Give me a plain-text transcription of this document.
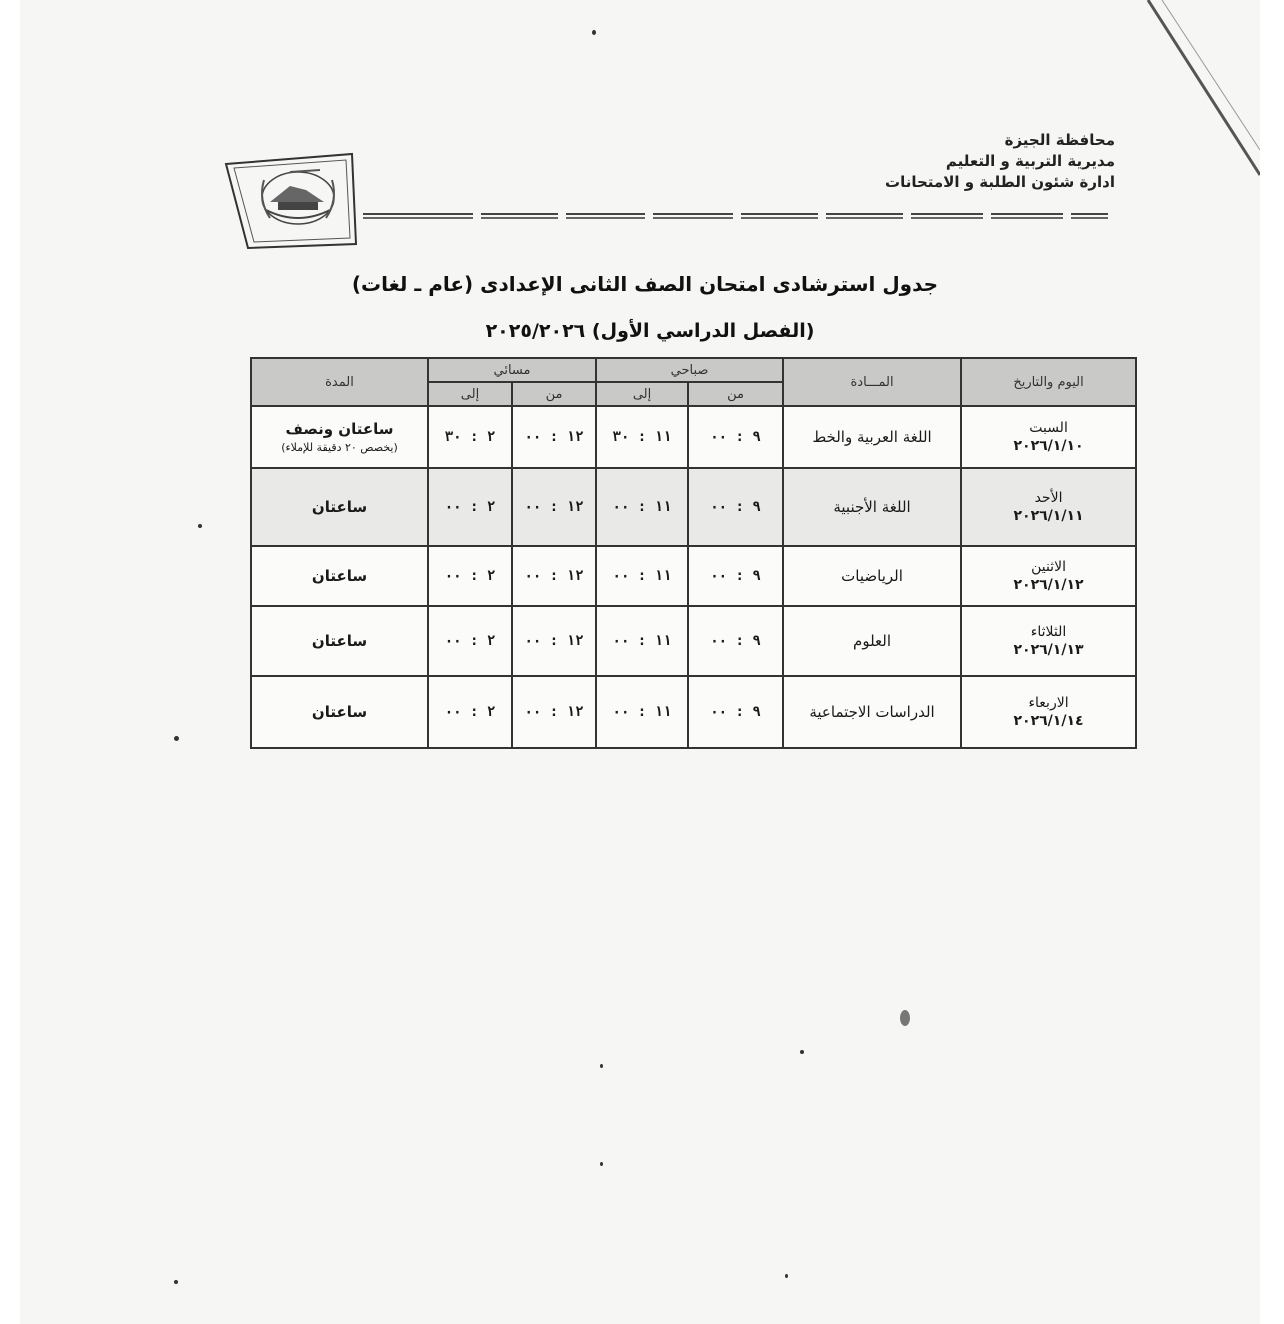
محافظة الجيزة
مديرية التربية و التعليم
ادارة شئون الطلبة و الامتحانات
جدول استرشادى امتحان الصف الثانى الإعدادى (عام ـ لغات)
(الفصل الدراسي الأول) ٢٠٢٥/٢٠٢٦
اليوم والتاريخ	المـــادة	صباحي		مسائي		المدة
		من	إلى	من	إلى	

السبت
٢٠٢٦/١/١٠	اللغة العربية والخط	٩ : ٠٠	١١ : ٣٠	١٢ : ٠٠	٢ : ٣٠	ساعتان ونصف
(يخصص ٢٠ دقيقة للإملاء)

الأحد
٢٠٢٦/١/١١	اللغة الأجنبية	٩ : ٠٠	١١ : ٠٠	١٢ : ٠٠	٢ : ٠٠	ساعتان

الاثنين
٢٠٢٦/١/١٢	الرياضيات	٩ : ٠٠	١١ : ٠٠	١٢ : ٠٠	٢ : ٠٠	ساعتان

الثلاثاء
٢٠٢٦/١/١٣	العلوم	٩ : ٠٠	١١ : ٠٠	١٢ : ٠٠	٢ : ٠٠	ساعتان

الاربعاء
٢٠٢٦/١/١٤	الدراسات الاجتماعية	٩ : ٠٠	١١ : ٠٠	١٢ : ٠٠	٢ : ٠٠	ساعتان
